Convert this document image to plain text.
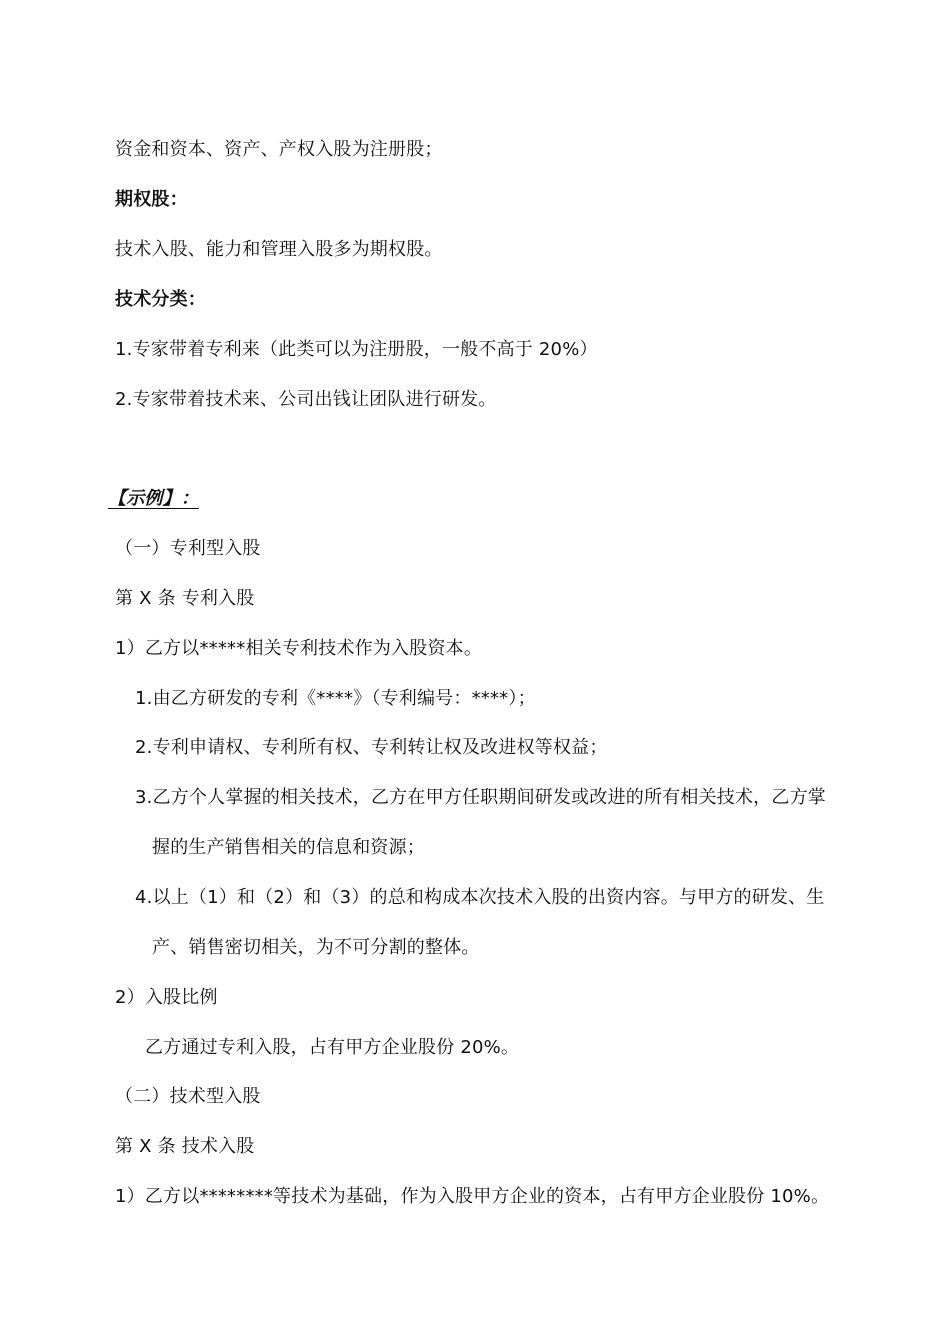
资金和资本、资产、产权入股为注册股；
期权股：
技术入股、能力和管理入股多为期权股。
技术分类：
1.专家带着专利来（此类可以为注册股，一般不高于 20%）
2.专家带着技术来、公司出钱让团队进行研发。
【示例】：
（一）专利型入股
第 X 条 专利入股
1）乙方以*****相关专利技术作为入股资本。
1.由乙方研发的专利《****》（专利编号：****）；
2.专利申请权、专利所有权、专利转让权及改进权等权益；
3.乙方个人掌握的相关技术，乙方在甲方任职期间研发或改进的所有相关技术，乙方掌
握的生产销售相关的信息和资源；
4.以上（1）和（2）和（3）的总和构成本次技术入股的出资内容。与甲方的研发、生
产、销售密切相关，为不可分割的整体。
2）入股比例
乙方通过专利入股，占有甲方企业股份 20%。
（二）技术型入股
第 X 条 技术入股
1）乙方以********等技术为基础，作为入股甲方企业的资本，占有甲方企业股份 10%。
